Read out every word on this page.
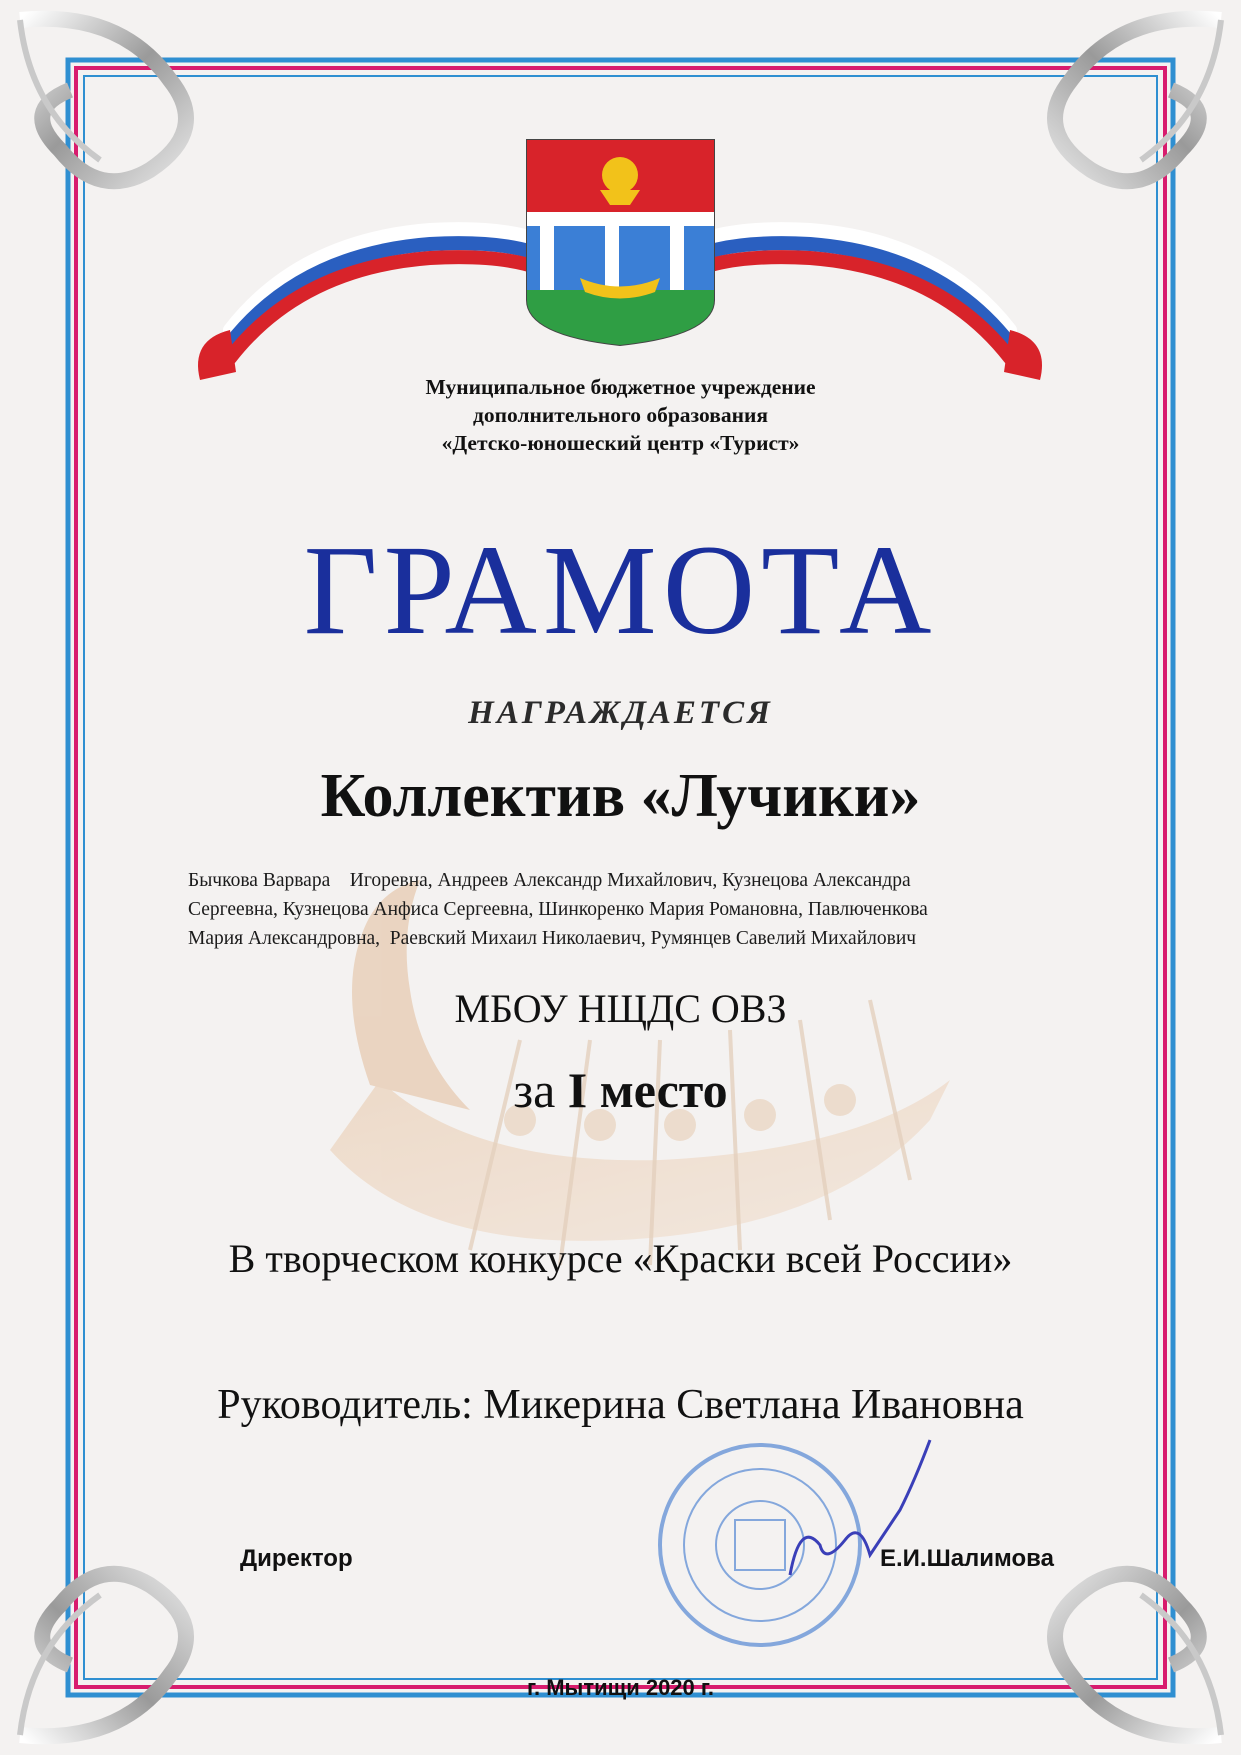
Муниципальное бюджетное учреждение
дополнительного образования
«Детско-юношеский центр «Турист»
ГРАМОТА
НАГРАЖДАЕТСЯ
Коллектив «Лучики»
Бычкова Варвара    Игоревна, Андреев Александр Михайлович, Кузнецова Александра
Сергеевна, Кузнецова Анфиса Сергеевна, Шинкоренко Мария Романовна, Павлюченкова
Мария Александровна,  Раевский Михаил Николаевич, Румянцев Савелий Михайлович
МБОУ НЩДС ОВЗ
за I место
В творческом конкурсе «Краски всей России»
Руководитель: Микерина Светлана Ивановна
Директор	Е.И.Шалимова
г. Мытищи 2020 г.
